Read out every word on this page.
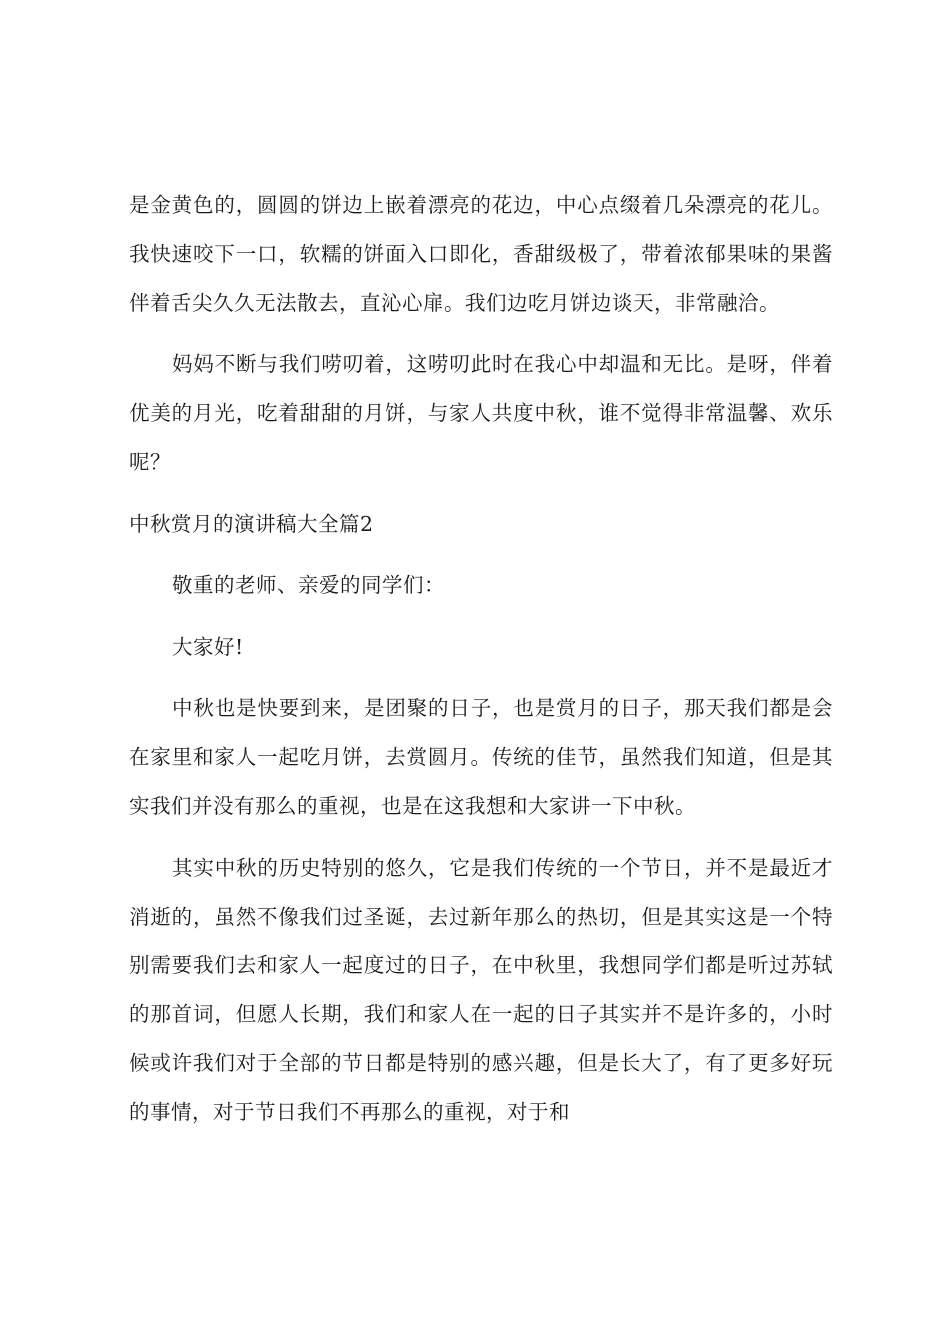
是金黄色的，圆圆的饼边上嵌着漂亮的花边，中心点缀着几朵漂亮的花儿。我快速咬下一口，软糯的饼面入口即化，香甜级极了，带着浓郁果味的果酱伴着舌尖久久无法散去，直沁心扉。我们边吃月饼边谈天，非常融洽。

妈妈不断与我们唠叨着，这唠叨此时在我心中却温和无比。是呀，伴着优美的月光，吃着甜甜的月饼，与家人共度中秋，谁不觉得非常温馨、欢乐呢？

中秋赏月的演讲稿大全篇2

敬重的老师、亲爱的同学们：

大家好!

中秋也是快要到来，是团聚的日子，也是赏月的日子，那天我们都是会在家里和家人一起吃月饼，去赏圆月。传统的佳节，虽然我们知道，但是其实我们并没有那么的重视，也是在这我想和大家讲一下中秋。

其实中秋的历史特别的悠久，它是我们传统的一个节日，并不是最近才消逝的，虽然不像我们过圣诞，去过新年那么的热切，但是其实这是一个特别需要我们去和家人一起度过的日子，在中秋里，我想同学们都是听过苏轼的那首词，但愿人长期，我们和家人在一起的日子其实并不是许多的，小时候或许我们对于全部的节日都是特别的感兴趣，但是长大了，有了更多好玩的事情，对于节日我们不再那么的重视，对于和
